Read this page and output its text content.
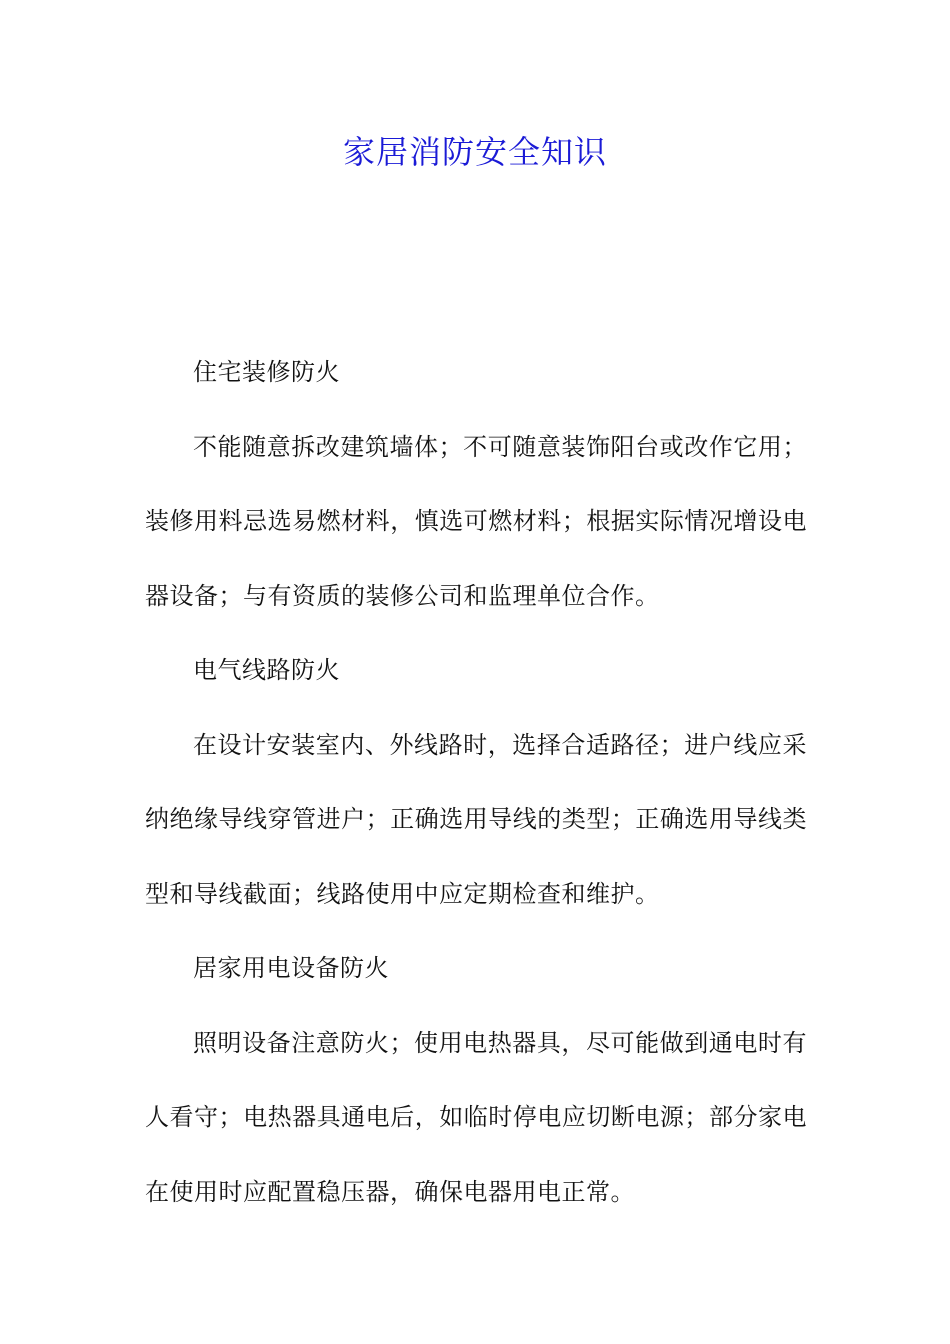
家居消防安全知识

住宅装修防火

不能随意拆改建筑墙体；不可随意装饰阳台或改作它用；装修用料忌选易燃材料，慎选可燃材料；根据实际情况增设电器设备；与有资质的装修公司和监理单位合作。

电气线路防火

在设计安装室内、外线路时，选择合适路径；进户线应采纳绝缘导线穿管进户；正确选用导线的类型；正确选用导线类型和导线截面；线路使用中应定期检查和维护。

居家用电设备防火

照明设备注意防火；使用电热器具，尽可能做到通电时有人看守；电热器具通电后，如临时停电应切断电源；部分家电在使用时应配置稳压器，确保电器用电正常。
